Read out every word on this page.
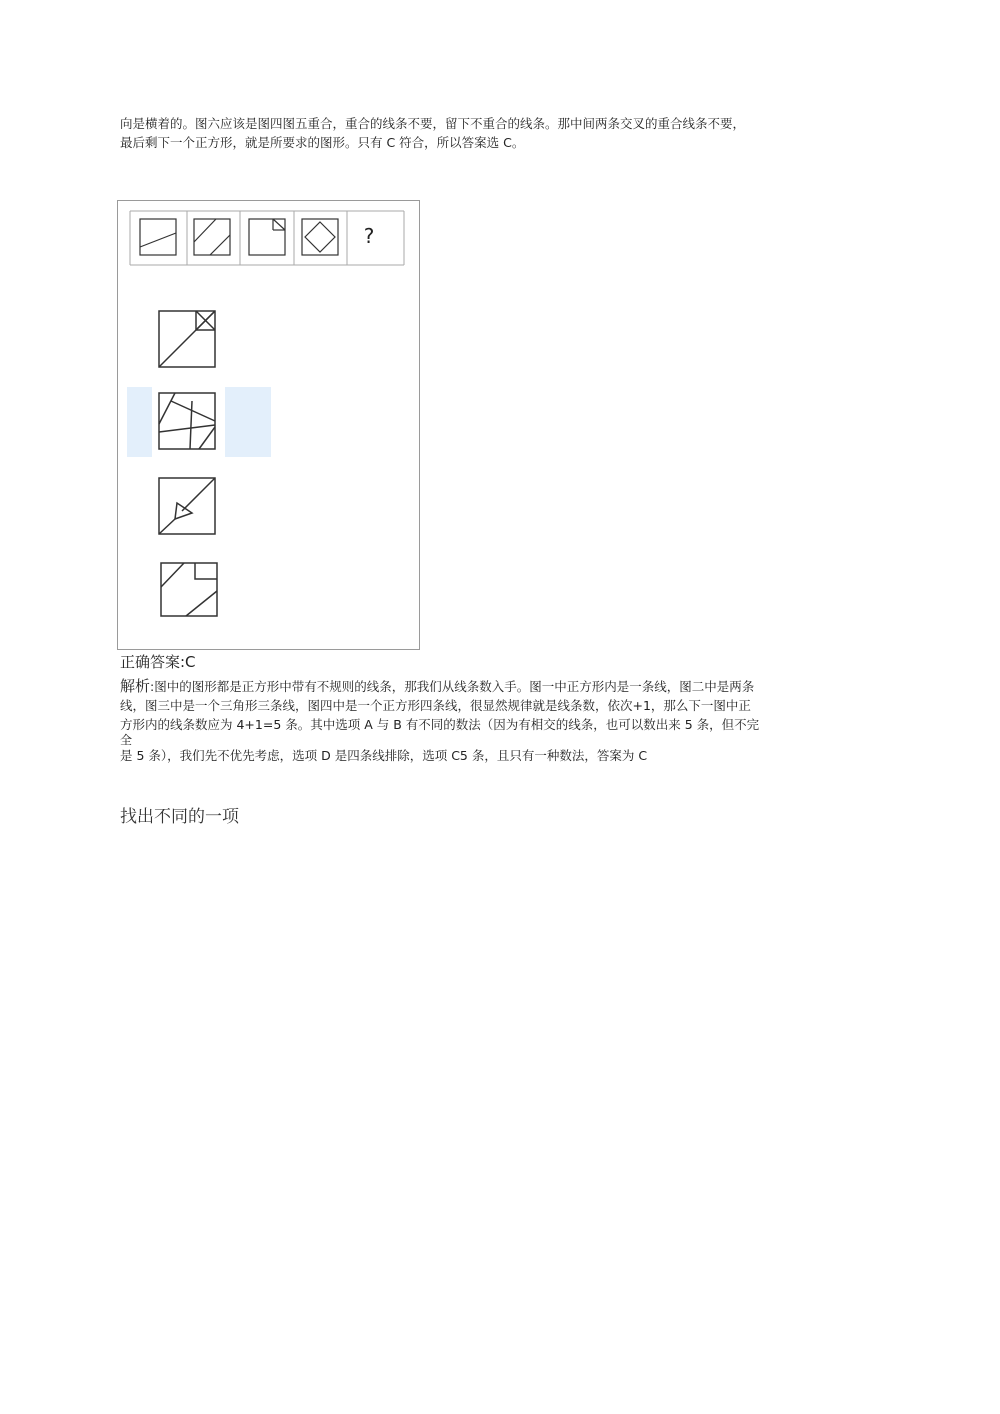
向是横着的。图六应该是图四图五重合，重合的线条不要，留下不重合的线条。那中间两条交叉的重合线条不要，
最后剩下一个正方形，就是所要求的图形。只有 C 符合，所以答案选 C。
?
正确答案:C
解析:图中的图形都是正方形中带有不规则的线条，那我们从线条数入手。图一中正方形内是一条线，图二中是两条
线，图三中是一个三角形三条线，图四中是一个正方形四条线，很显然规律就是线条数，依次+1，那么下一图中正
方形内的线条数应为 4+1=5 条。其中选项 A 与 B 有不同的数法（因为有相交的线条，也可以数出来 5 条，但不完
全
是 5 条），我们先不优先考虑，选项 D 是四条线排除，选项 C5 条，且只有一种数法，答案为 C
找出不同的一项
